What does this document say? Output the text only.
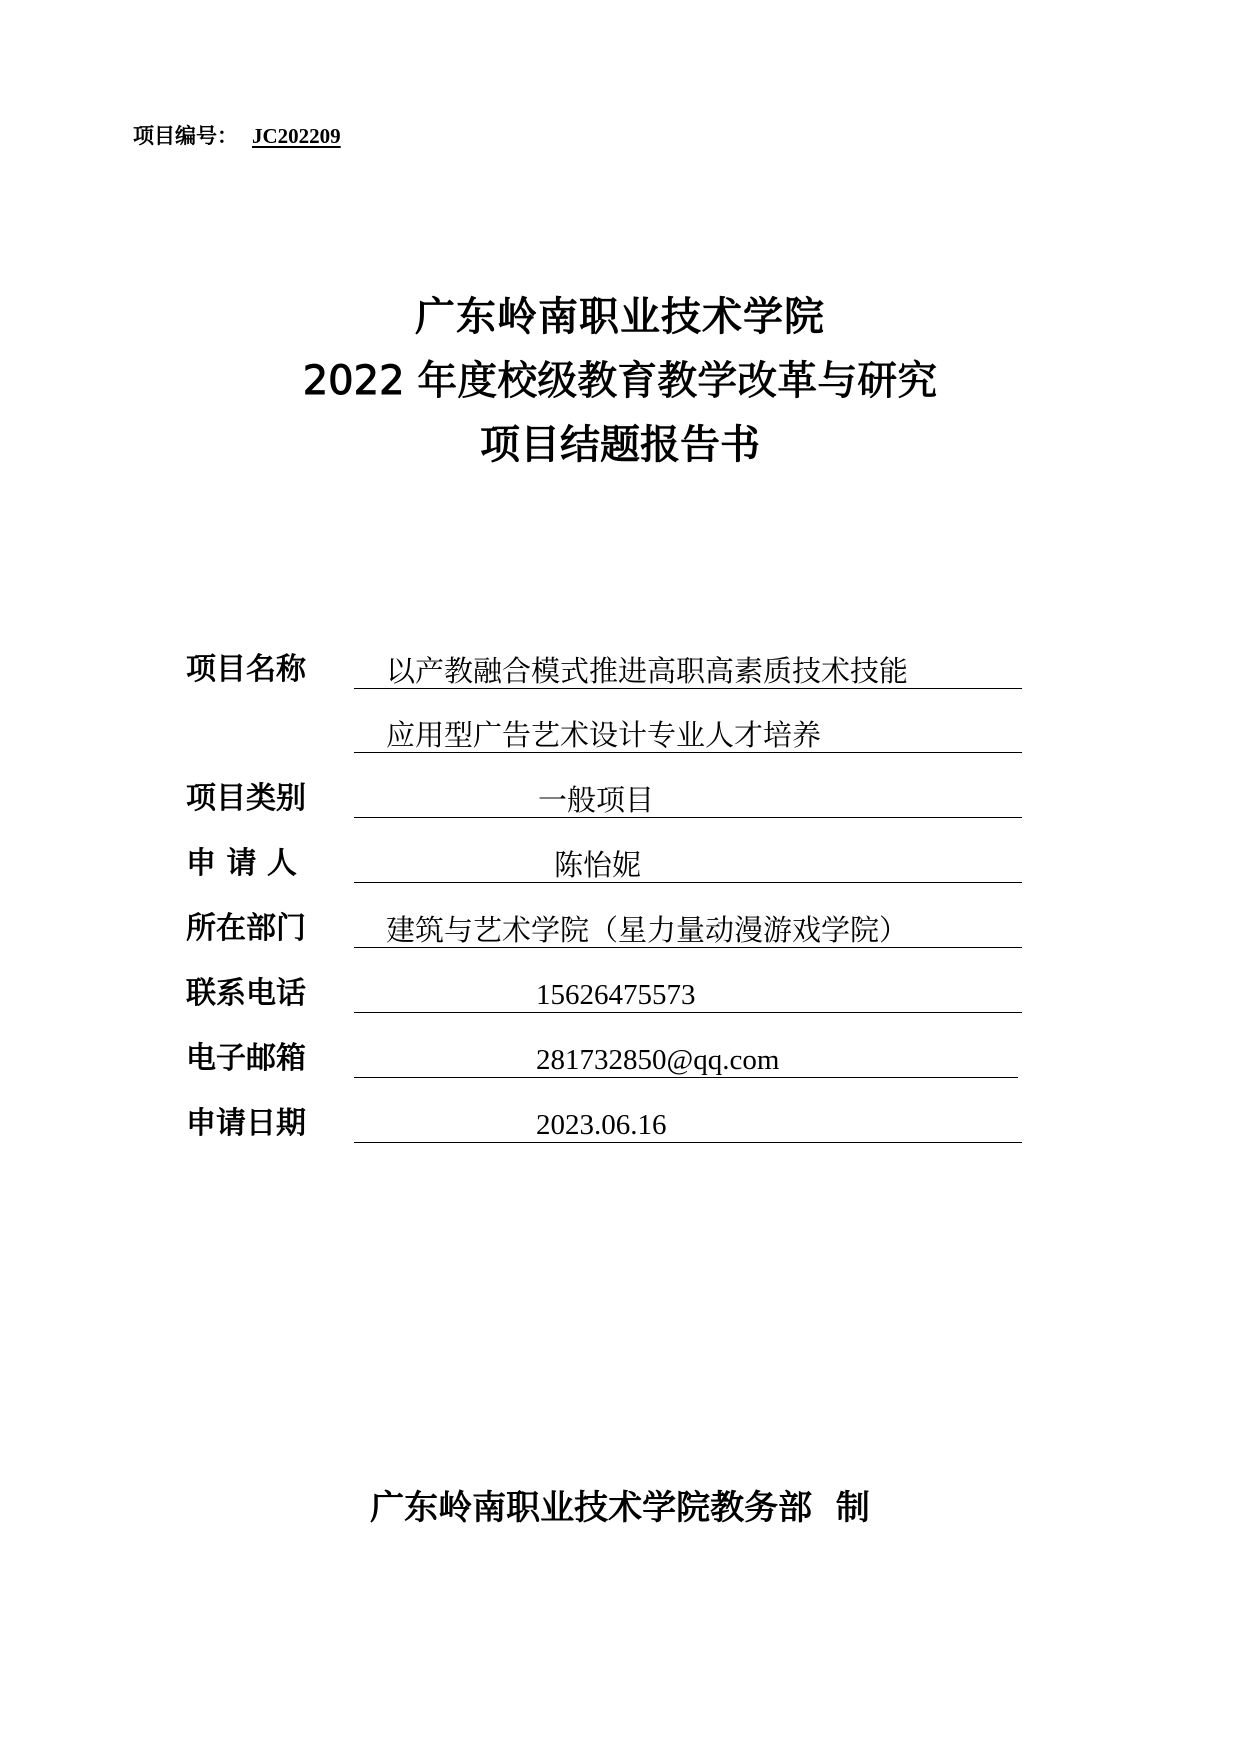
项目编号： JC202209
广东岭南职业技术学院
2022 年度校级教育教学改革与研究
项目结题报告书
项目名称	以产教融合模式推进高职高素质技术技能
应用型广告艺术设计专业人才培养
项目类别	一般项目
申 请 人	陈怡妮
所在部门	建筑与艺术学院（星力量动漫游戏学院）
联系电话	15626475573
电子邮箱	281732850@qq.com
申请日期	2023.06.16
广东岭南职业技术学院教务部  制
